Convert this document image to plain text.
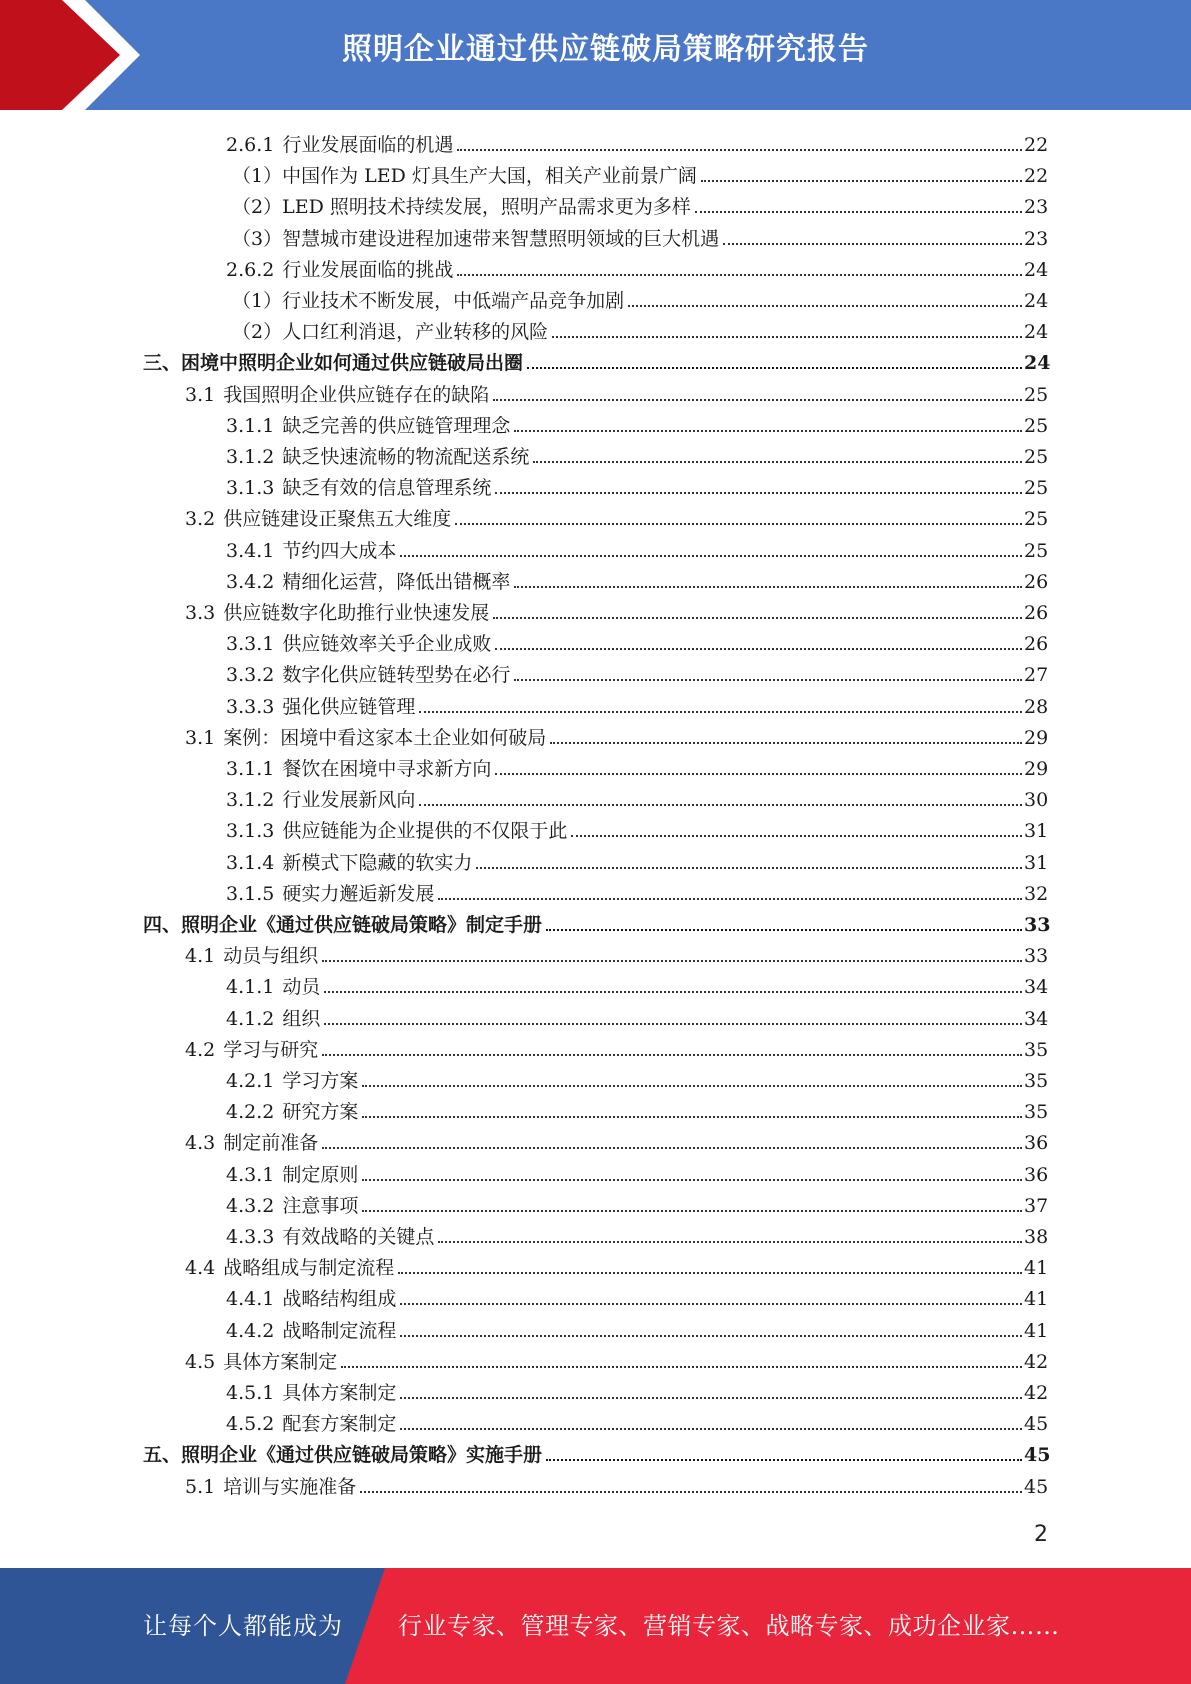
照明企业通过供应链破局策略研究报告
2.6.1 行业发展面临的机遇	22
（1） 中国作为 LED 灯具生产大国，相关产业前景广阔	22
（2） LED 照明技术持续发展，照明产品需求更为多样	23
（3） 智慧城市建设进程加速带来智慧照明领域的巨大机遇	23
2.6.2 行业发展面临的挑战	24
（1） 行业技术不断发展，中低端产品竞争加剧	24
（2） 人口红利消退，产业转移的风险	24
三、困境中照明企业如何通过供应链破局出圈	24
3.1 我国照明企业供应链存在的缺陷	25
3.1.1 缺乏完善的供应链管理理念	25
3.1.2 缺乏快速流畅的物流配送系统	25
3.1.3 缺乏有效的信息管理系统	25
3.2 供应链建设正聚焦五大维度	25
3.4.1 节约四大成本	25
3.4.2 精细化运营，降低出错概率	26
3.3 供应链数字化助推行业快速发展	26
3.3.1 供应链效率关乎企业成败	26
3.3.2 数字化供应链转型势在必行	27
3.3.3 强化供应链管理	28
3.1 案例：困境中看这家本土企业如何破局	29
3.1.1 餐饮在困境中寻求新方向	29
3.1.2 行业发展新风向	30
3.1.3 供应链能为企业提供的不仅限于此	31
3.1.4 新模式下隐藏的软实力	31
3.1.5 硬实力邂逅新发展	32
四、照明企业《通过供应链破局策略》制定手册	33
4.1 动员与组织	33
4.1.1 动员	34
4.1.2 组织	34
4.2 学习与研究	35
4.2.1 学习方案	35
4.2.2 研究方案	35
4.3 制定前准备	36
4.3.1 制定原则	36
4.3.2 注意事项	37
4.3.3 有效战略的关键点	38
4.4 战略组成与制定流程	41
4.4.1 战略结构组成	41
4.4.2 战略制定流程	41
4.5 具体方案制定	42
4.5.1 具体方案制定	42
4.5.2 配套方案制定	45
五、照明企业《通过供应链破局策略》实施手册	45
5.1 培训与实施准备	45
2
让每个人都能成为 行业专家、管理专家、营销专家、战略专家、成功企业家……
